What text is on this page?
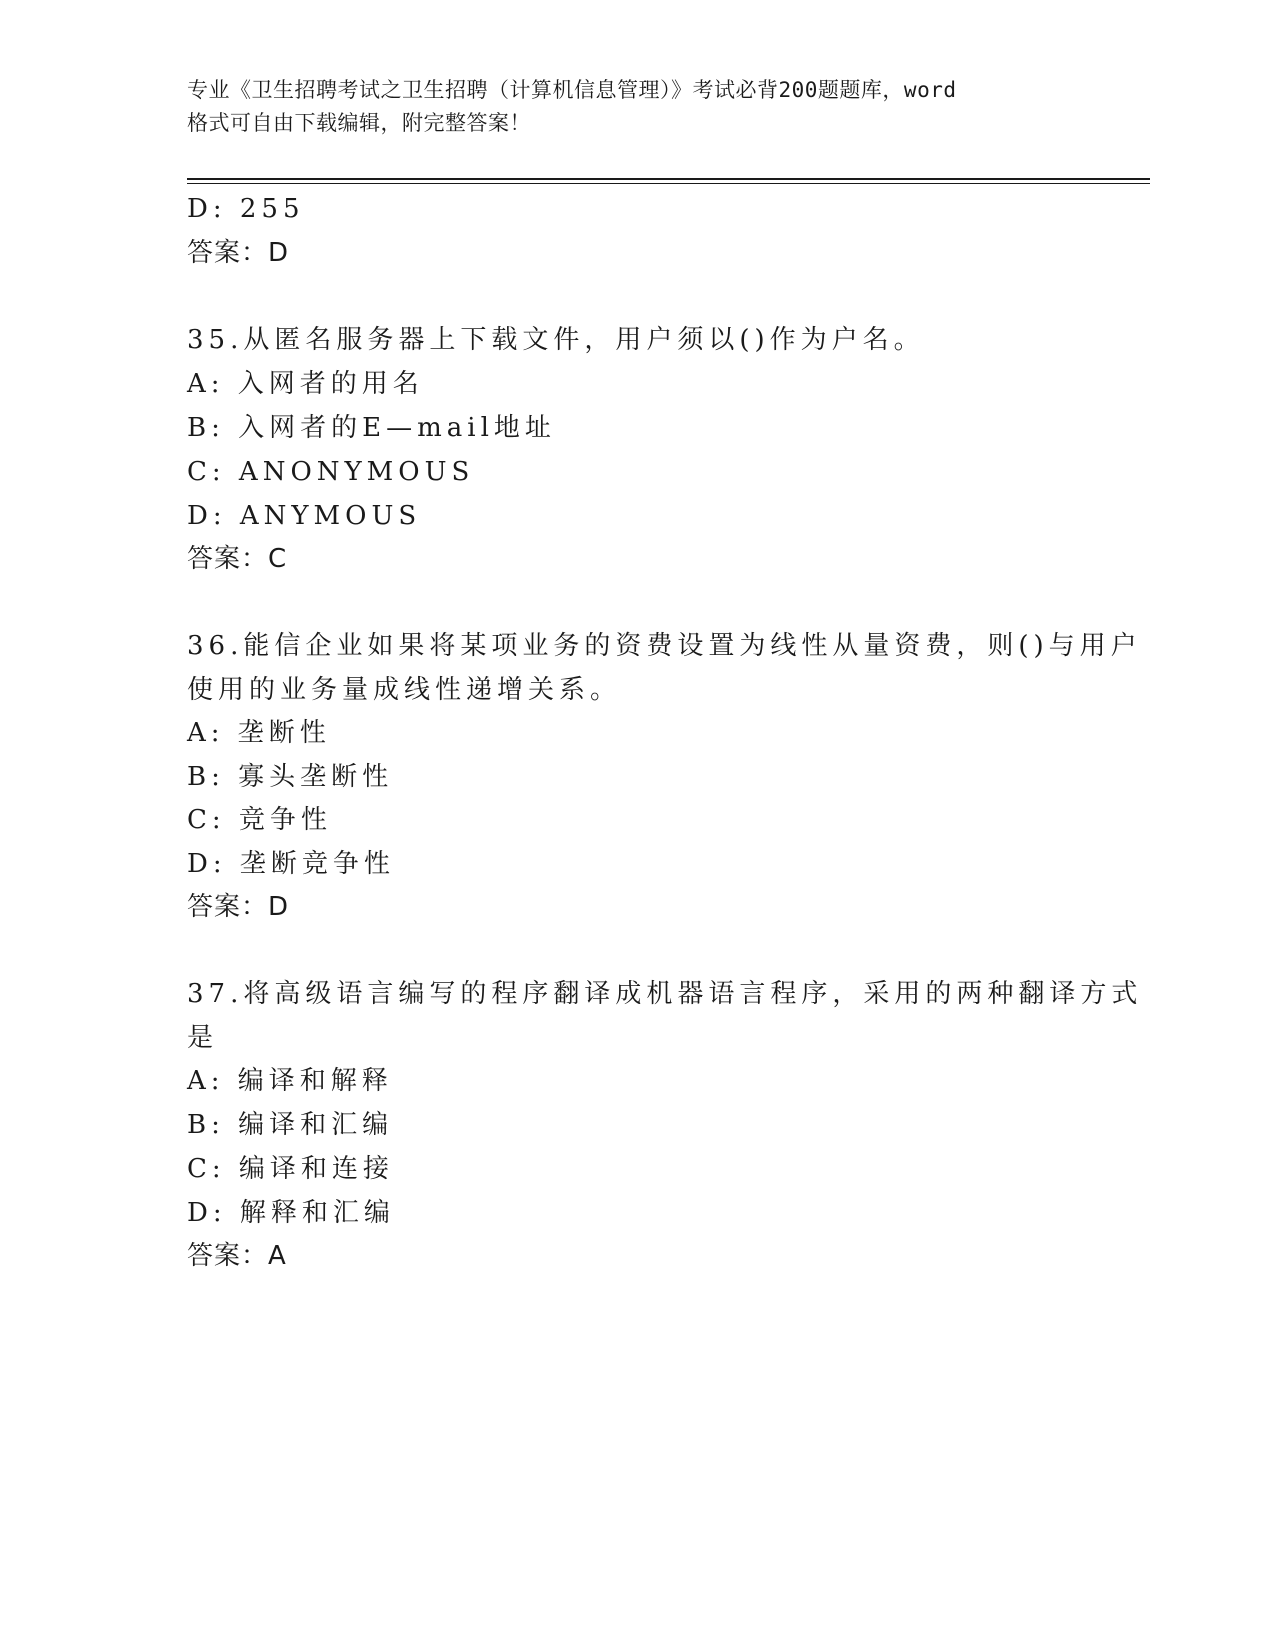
专业《卫生招聘考试之卫生招聘（计算机信息管理）》考试必背200题题库，word
格式可自由下载编辑，附完整答案！
D: 255
答案：D
35.从匿名服务器上下载文件，用户须以()作为户名。
A: 入网者的用名
B: 入网者的E—mail地址
C: ANONYMOUS
D: ANYMOUS
答案：C
36.能信企业如果将某项业务的资费设置为线性从量资费，则()与用户
使用的业务量成线性递增关系。
A: 垄断性
B: 寡头垄断性
C: 竞争性
D: 垄断竞争性
答案：D
37.将高级语言编写的程序翻译成机器语言程序，采用的两种翻译方式
是
A: 编译和解释
B: 编译和汇编
C: 编译和连接
D: 解释和汇编
答案：A
